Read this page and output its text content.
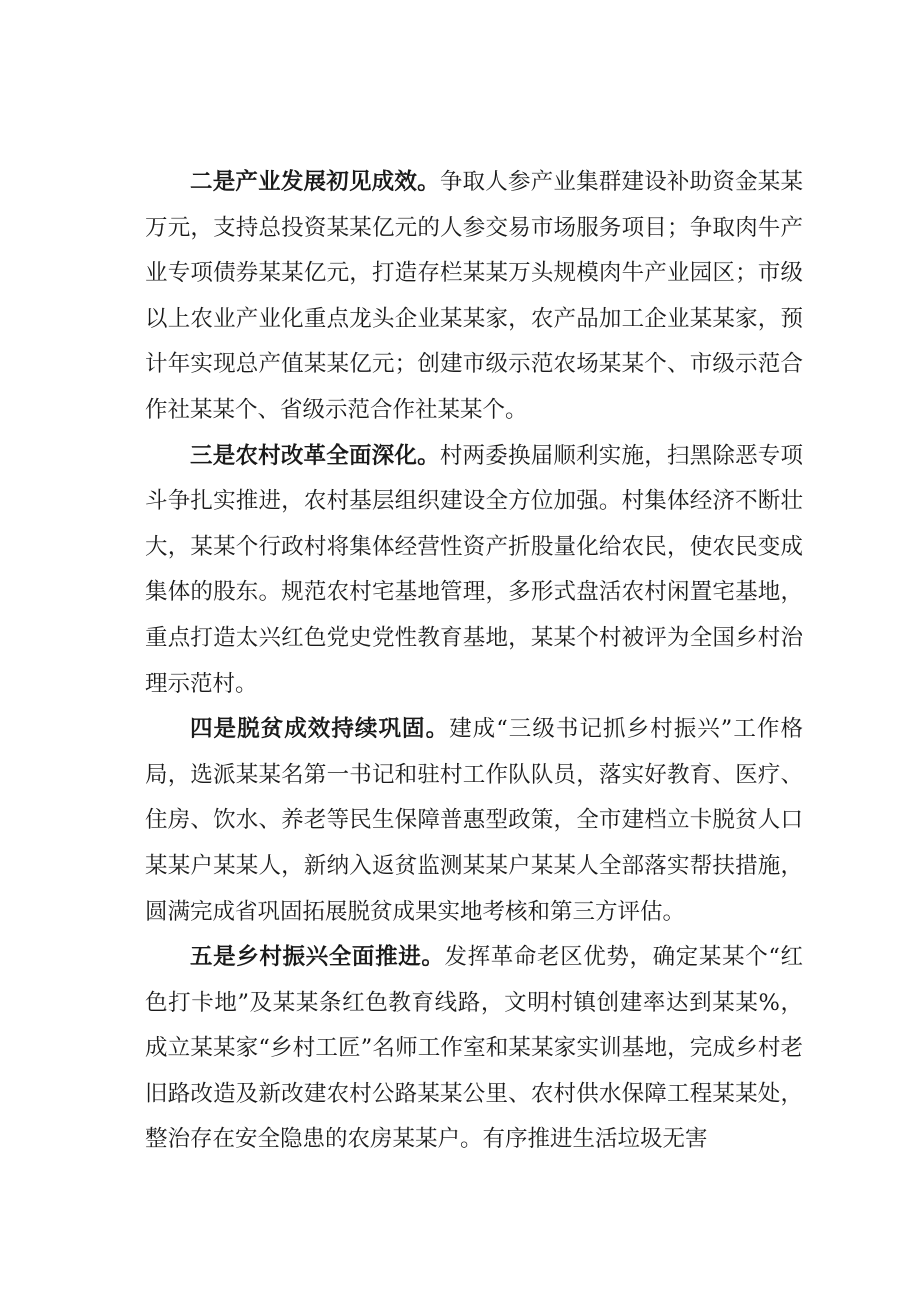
二是产业发展初见成效。争取人参产业集群建设补助资金某某万元，支持总投资某某亿元的人参交易市场服务项目；争取肉牛产业专项债券某某亿元，打造存栏某某万头规模肉牛产业园区；市级以上农业产业化重点龙头企业某某家，农产品加工企业某某家，预计年实现总产值某某亿元；创建市级示范农场某某个、市级示范合作社某某个、省级示范合作社某某个。

三是农村改革全面深化。村两委换届顺利实施，扫黑除恶专项斗争扎实推进，农村基层组织建设全方位加强。村集体经济不断壮大，某某个行政村将集体经营性资产折股量化给农民，使农民变成集体的股东。规范农村宅基地管理，多形式盘活农村闲置宅基地，重点打造太兴红色党史党性教育基地，某某个村被评为全国乡村治理示范村。

四是脱贫成效持续巩固。建成“三级书记抓乡村振兴”工作格局，选派某某名第一书记和驻村工作队队员，落实好教育、医疗、住房、饮水、养老等民生保障普惠型政策，全市建档立卡脱贫人口某某户某某人，新纳入返贫监测某某户某某人全部落实帮扶措施，圆满完成省巩固拓展脱贫成果实地考核和第三方评估。

五是乡村振兴全面推进。发挥革命老区优势，确定某某个“红色打卡地”及某某条红色教育线路，文明村镇创建率达到某某%，成立某某家“乡村工匠”名师工作室和某某家实训基地，完成乡村老旧路改造及新改建农村公路某某公里、农村供水保障工程某某处，整治存在安全隐患的农房某某户。有序推进生活垃圾无害
